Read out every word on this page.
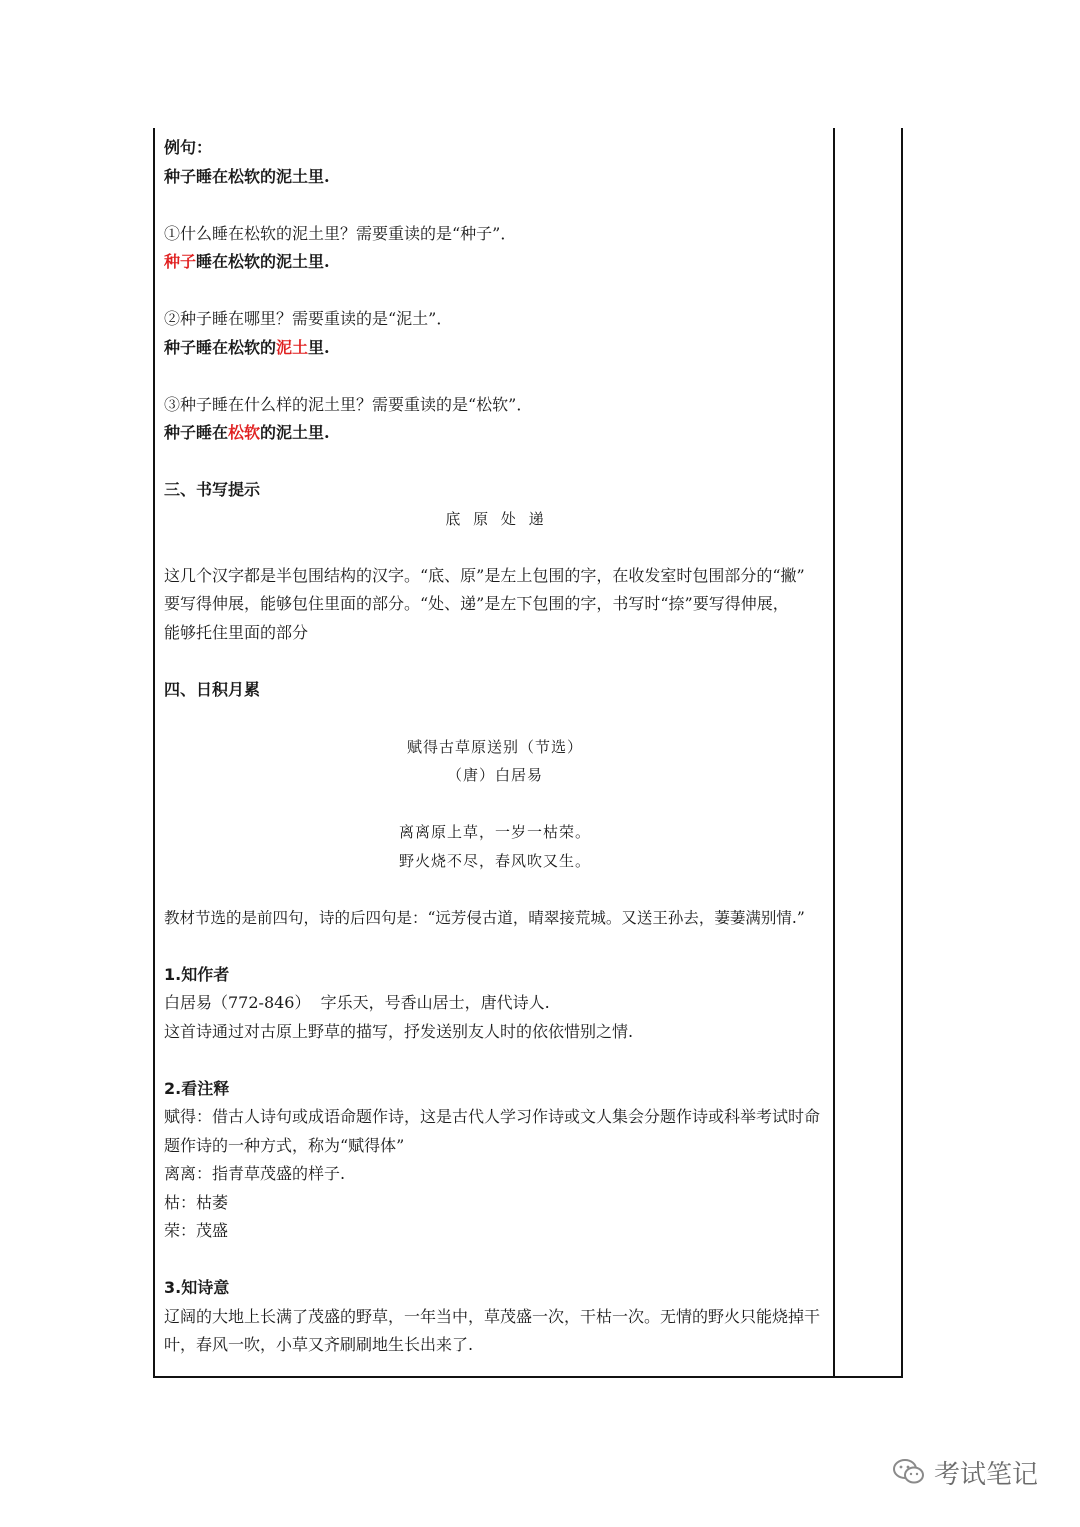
例句：

种子睡在松软的泥土里.

①什么睡在松软的泥土里？需要重读的是“种子”．

种子睡在松软的泥土里.

②种子睡在哪里？需要重读的是“泥土”．

种子睡在松软的泥土里.

③种子睡在什么样的泥土里？需要重读的是“松软”．

种子睡在松软的泥土里.

三、书写提示

底 原 处 递

这几个汉字都是半包围结构的汉字。“底、原”是左上包围的字，在收发室时包围部分的“撇”

要写得伸展，能够包住里面的部分。“处、递”是左下包围的字，书写时“捺”要写得伸展，

能够托住里面的部分

四、日积月累

赋得古草原送别（节选）

（唐）白居易

离离原上草，一岁一枯荣。

野火烧不尽，春风吹又生。

教材节选的是前四句，诗的后四句是：“远芳侵古道，晴翠接荒城。又送王孙去，萋萋满别情.”

1.知作者

白居易（772-846）  字乐天，号香山居士，唐代诗人.

这首诗通过对古原上野草的描写，抒发送别友人时的依依惜别之情.

2.看注释

赋得：借古人诗句或成语命题作诗，这是古代人学习作诗或文人集会分题作诗或科举考试时命

题作诗的一种方式，称为“赋得体”

离离：指青草茂盛的样子.

枯：枯萎

荣：茂盛

3.知诗意

辽阔的大地上长满了茂盛的野草，一年当中，草茂盛一次，干枯一次。无情的野火只能烧掉干

叶，春风一吹，小草又齐刷刷地生长出来了.

考试笔记
